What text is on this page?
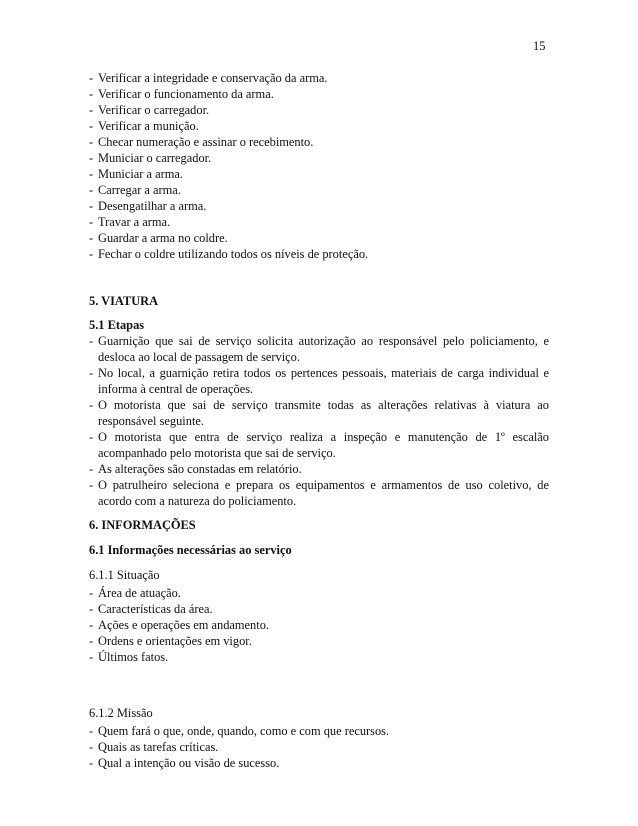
15
- Verificar a integridade e conservação da arma.
- Verificar o funcionamento da arma.
- Verificar o carregador.
- Verificar a munição.
- Checar numeração e assinar o recebimento.
- Municiar o carregador.
- Municiar a arma.
- Carregar a arma.
- Desengatilhar a arma.
- Travar a arma.
- Guardar a arma no coldre.
- Fechar o coldre utilizando todos os níveis de proteção.
5. VIATURA
5.1 Etapas
- Guarnição que sai de serviço solicita autorização ao responsável pelo policiamento, e desloca ao local de passagem de serviço.
- No local, a guarnição retira todos os pertences pessoais, materiais de carga individual e informa à central de operações.
- O motorista que sai de serviço transmite todas as alterações relativas à viatura ao responsável seguinte.
- O motorista que entra de serviço realiza a inspeção e manutenção de 1º escalão acompanhado pelo motorista que sai de serviço.
- As alterações são constadas em relatório.
- O patrulheiro seleciona e prepara os equipamentos e armamentos de uso coletivo, de acordo com a natureza do policiamento.
6. INFORMAÇÕES
6.1 Informações necessárias ao serviço
6.1.1 Situação
- Área de atuação.
- Características da área.
- Ações e operações em andamento.
- Ordens e orientações em vigor.
- Últimos fatos.
6.1.2 Missão
- Quem fará o que, onde, quando, como e com que recursos.
- Quais as tarefas críticas.
- Qual a intenção ou visão de sucesso.
